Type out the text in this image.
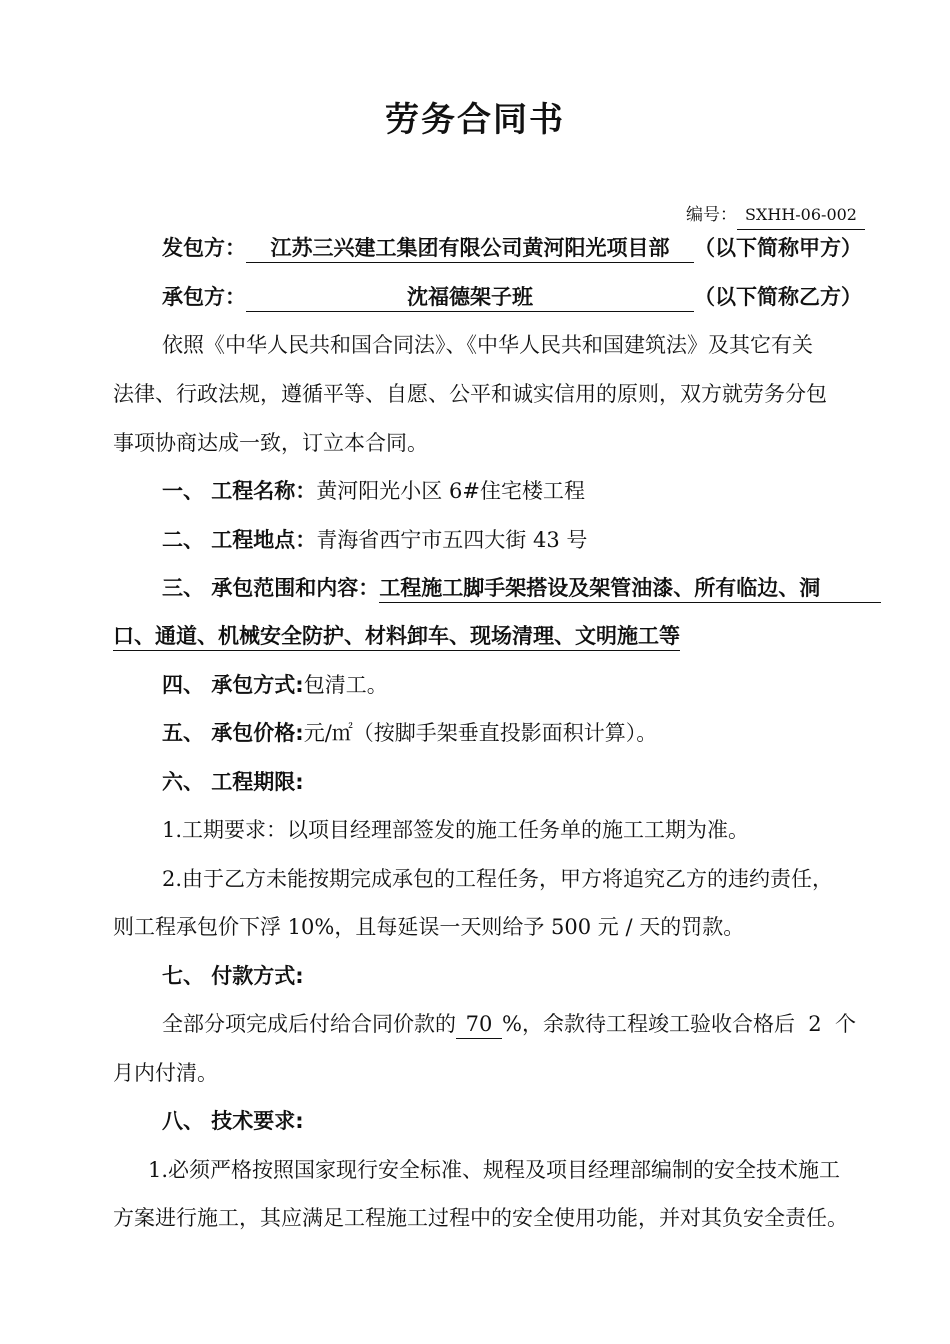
劳务合同书
编号： SXHH-06-002
发包方： 江苏三兴建工集团有限公司黄河阳光项目部 （以下简称甲方）
承包方：	沈福德架子班	（以下简称乙方）
依照《中华人民共和国合同法》、《中华人民共和国建筑法》及其它有关
法律、行政法规，遵循平等、自愿、公平和诚实信用的原则，双方就劳务分包
事项协商达成一致，订立本合同。
一、 工程名称：黄河阳光小区 6#住宅楼工程
二、 工程地点：青海省西宁市五四大街 43 号
三、 承包范围和内容：工程施工脚手架搭设及架管油漆、所有临边、洞
口、通道、机械安全防护、材料卸车、现场清理、文明施工等
四、 承包方式:包清工。
五、 承包价格:元/㎡（按脚手架垂直投影面积计算）。
六、 工程期限:
1.工期要求：以项目经理部签发的施工任务单的施工工期为准。
2.由于乙方未能按期完成承包的工程任务，甲方将追究乙方的违约责任，
则工程承包价下浮 10%，且每延误一天则给予 500 元 / 天的罚款。
七、 付款方式:
全部分项完成后付给合同价款的 70 %，余款待工程竣工验收合格后  2  个
月内付清。
八、 技术要求:
1.必须严格按照国家现行安全标准、规程及项目经理部编制的安全技术施工
方案进行施工，其应满足工程施工过程中的安全使用功能，并对其负安全责任。
